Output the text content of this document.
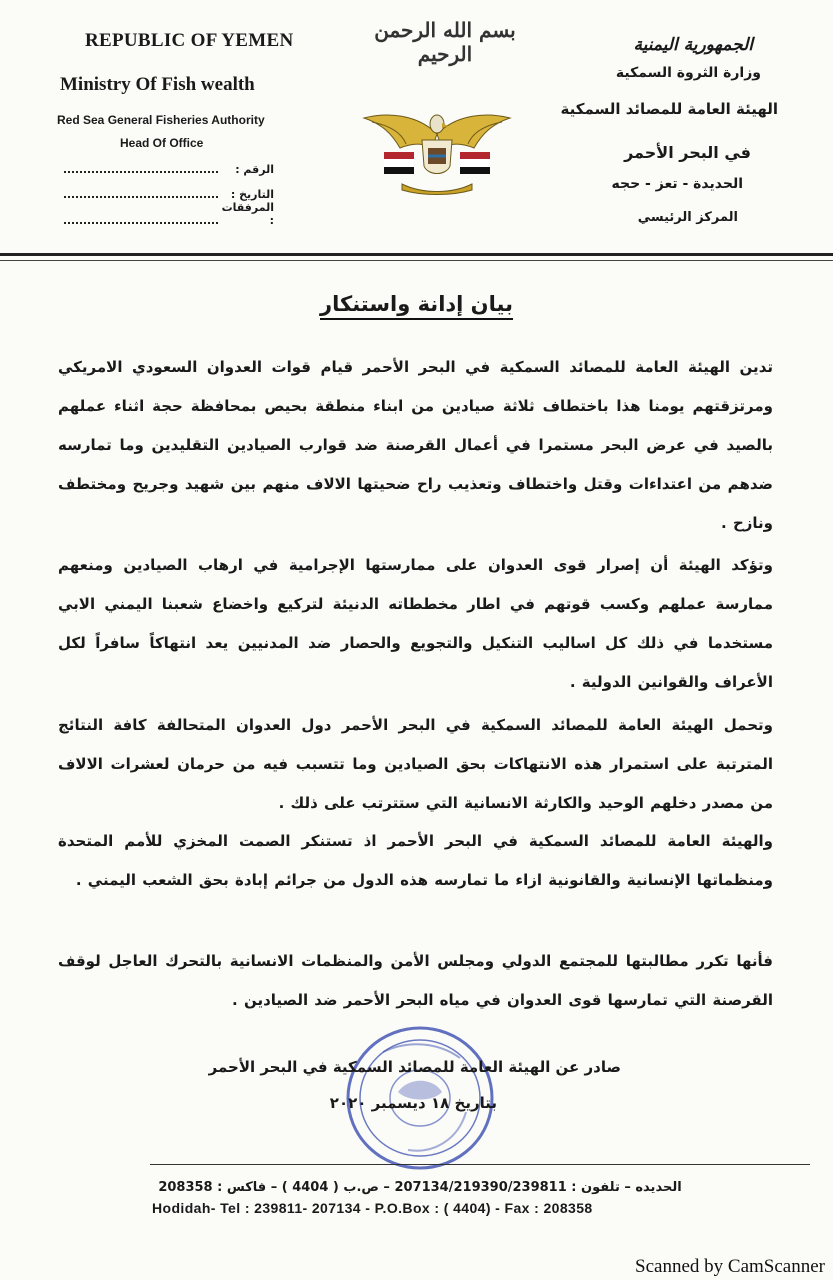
REPUBLIC OF YEMEN
Ministry Of Fish wealth
Red Sea General Fisheries Authority
Head Of Office
الرقم :
التاريخ :
المرفقات :
بسم الله الرحمن الرحيم	الجمهورية اليمنية
وزارة الثروة السمكية
الهيئة العامة للمصائد السمكية
في البحر الأحمر
الحديدة - تعز - حجه
المركز الرئيسي
بيان إدانة واستنكار
تدين الهيئة العامة للمصائد السمكية في البحر الأحمر قيام قوات العدوان السعودي الامريكي ومرتزقتهم يومنا هذا باختطاف ثلاثة صيادين من ابناء منطقة بحيص بمحافظة حجة اثناء عملهم بالصيد في عرض البحر مستمرا في أعمال القرصنة ضد قوارب الصيادين التقليدين وما تمارسه ضدهم من اعتداءات وقتل واختطاف وتعذيب راح ضحيتها الالاف منهم بين شهيد وجريح ومختطف ونازح .
وتؤكد الهيئة أن إصرار قوى العدوان على ممارستها الإجرامية في ارهاب الصيادين ومنعهم ممارسة عملهم وكسب قوتهم في اطار مخططاته الدنيئة لتركيع واخضاع شعبنا اليمني الابي مستخدما في ذلك كل اساليب التنكيل والتجويع والحصار ضد المدنيين يعد انتهاكاً سافراً لكل الأعراف والقوانين الدولية .
وتحمل الهيئة العامة للمصائد السمكية في البحر الأحمر دول العدوان المتحالفة كافة النتائج المترتبة على استمرار هذه الانتهاكات بحق الصيادين وما تتسبب فيه من حرمان لعشرات الالاف من مصدر دخلهم الوحيد والكارثة الانسانية التي ستترتب على ذلك .
والهيئة العامة للمصائد السمكية في البحر الأحمر اذ تستنكر الصمت المخزي للأمم المتحدة ومنظماتها الإنسانية والقانونية ازاء ما تمارسه هذه الدول من جرائم إبادة بحق الشعب اليمني .
فأنها تكرر مطالبتها للمجتمع الدولي ومجلس الأمن والمنظمات الانسانية بالتحرك العاجل لوقف القرصنة التي تمارسها قوى العدوان في مياه البحر الأحمر ضد الصيادين .
صادر عن الهيئة العامة للمصائد السمكية في البحر الأحمر
بتاريخ ١٨ ديسمبر ٢٠٢٠
الحديده – تلفون : 207134/219390/239811 – ص.ب ( 4404 ) – فاكس : 208358
Hodidah- Tel : 239811- 207134 - P.O.Box : ( 4404) - Fax : 208358
Scanned by CamScanner
